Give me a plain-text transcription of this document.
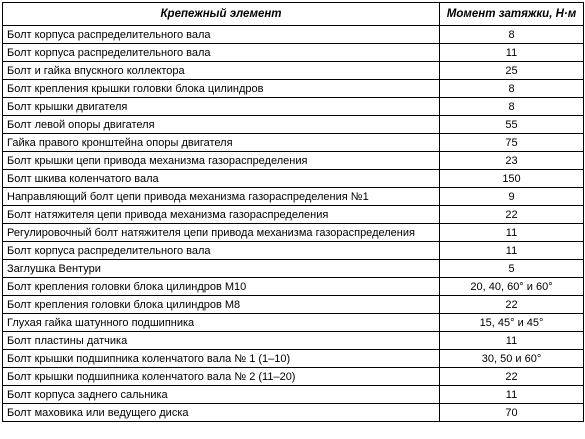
Крепежный элемент	Момент затяжки, Н·м
Болт корпуса распределительного вала	8
Болт корпуса распределительного вала	11
Болт и гайка впускного коллектора	25
Болт крепления крышки головки блока цилиндров	8
Болт крышки двигателя	8
Болт левой опоры двигателя	55
Гайка правого кронштейна опоры двигателя	75
Болт крышки цепи привода механизма газораспределения	23
Болт шкива коленчатого вала	150
Направляющий болт цепи привода механизма газораспределения №1	9
Болт натяжителя цепи привода механизма газораспределения	22
Регулировочный болт натяжителя цепи привода механизма газораспределения	11
Болт корпуса распределительного вала	11
Заглушка Вентури	5
Болт крепления головки блока цилиндров М10	20, 40, 60° и 60°
Болт крепления головки блока цилиндров М8	22
Глухая гайка шатунного подшипника	15, 45° и 45°
Болт пластины датчика	11
Болт крышки подшипника коленчатого вала № 1 (1–10)	30, 50 и 60°
Болт крышки подшипника коленчатого вала № 2 (11–20)	22
Болт корпуса заднего сальника	11
Болт маховика или ведущего диска	70
